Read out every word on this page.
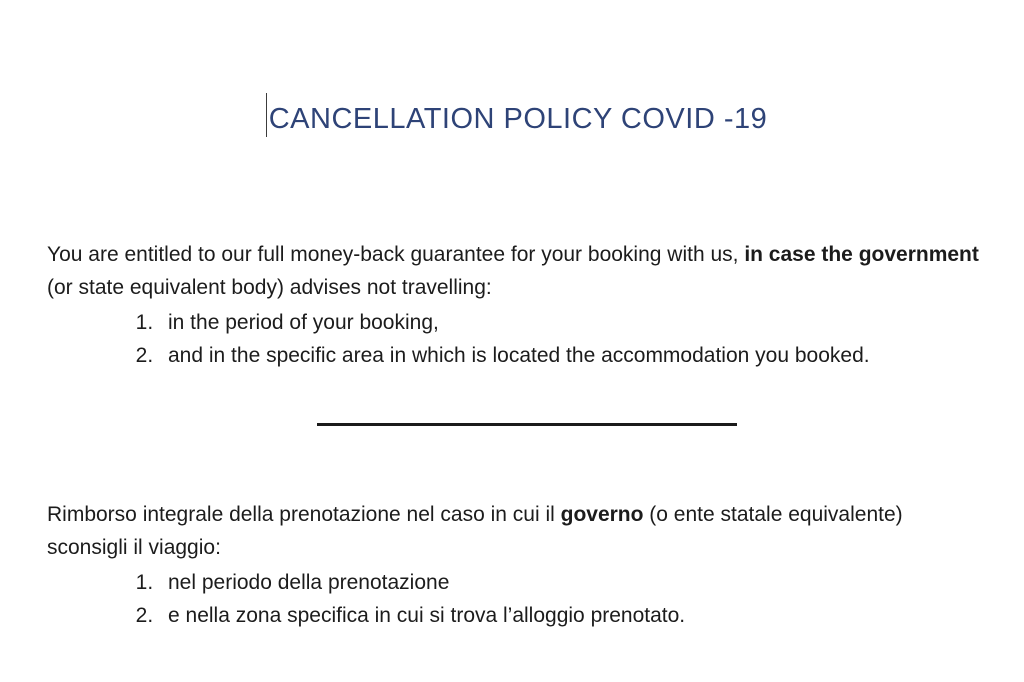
CANCELLATION POLICY COVID -19

You are entitled to our full money-back guarantee for your booking with us, in case the government (or state equivalent body) advises not travelling:

1. in the period of your booking,
2. and in the specific area in which is located the accommodation you booked.

Rimborso integrale della prenotazione nel caso in cui il governo (o ente statale equivalente) sconsigli il viaggio:

1. nel periodo della prenotazione
2. e nella zona specifica in cui si trova l’alloggio prenotato.
